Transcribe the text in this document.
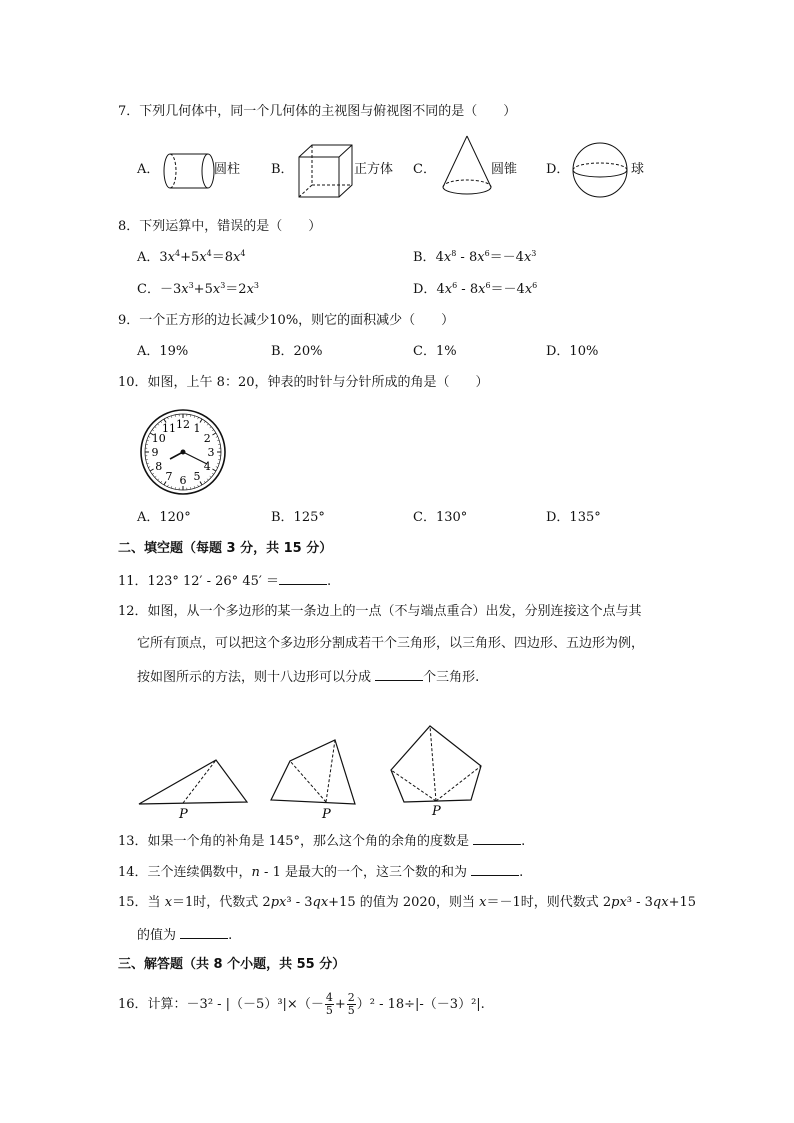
7．下列几何体中，同一个几何体的主视图与俯视图不同的是（　　）
A．	圆柱 B．	正方体 C．	圆锥 D．	球
8．下列运算中，错误的是（　　）
A．$3x^4+5x^4=8x^4$	B．$4x^8 - 8x^6=-4x^3$
C．$-3x^3+5x^3=2x^3$	D．$4x^6 - 8x^6=-4x^6$
9．一个正方形的边长减少10%，则它的面积减少（　　）
A．19%	B．20%	C．1%	D．10%
10．如图，上午 8：20，钟表的时针与分针所成的角是（　　）
12 1
2
3
4
5
6
7
8
9
10
11
A．120°	B．125°	C．130°	D．135°
二、填空题（每题 3 分，共 15 分）
11．123° 12′ - 26° 45′ ＝	.
12．如图，从一个多边形的某一条边上的一点（不与端点重合）出发，分别连接这个点与其
它所有顶点，可以把这个多边形分割成若干个三角形，以三角形、四边形、五边形为例，
按如图所示的方法，则十八边形可以分成	个三角形.
P	P	P
13．如果一个角的补角是 145°，那么这个角的余角的度数是	.
14．三个连续偶数中，n - 1 是最大的一个，这三个数的和为	.
15．当 x＝1时，代数式 2px³ - 3qx+15 的值为 2020，则当 x＝－1时，则代数式 2px³ - 3qx+15
的值为	.
三、解答题（共 8 个小题，共 55 分）
16．计算：$-3^2 - |(-5)^3|\times(- \frac{4}{5} + \frac{2}{5} )^2 - 18\div|-(-3)^2|$.
